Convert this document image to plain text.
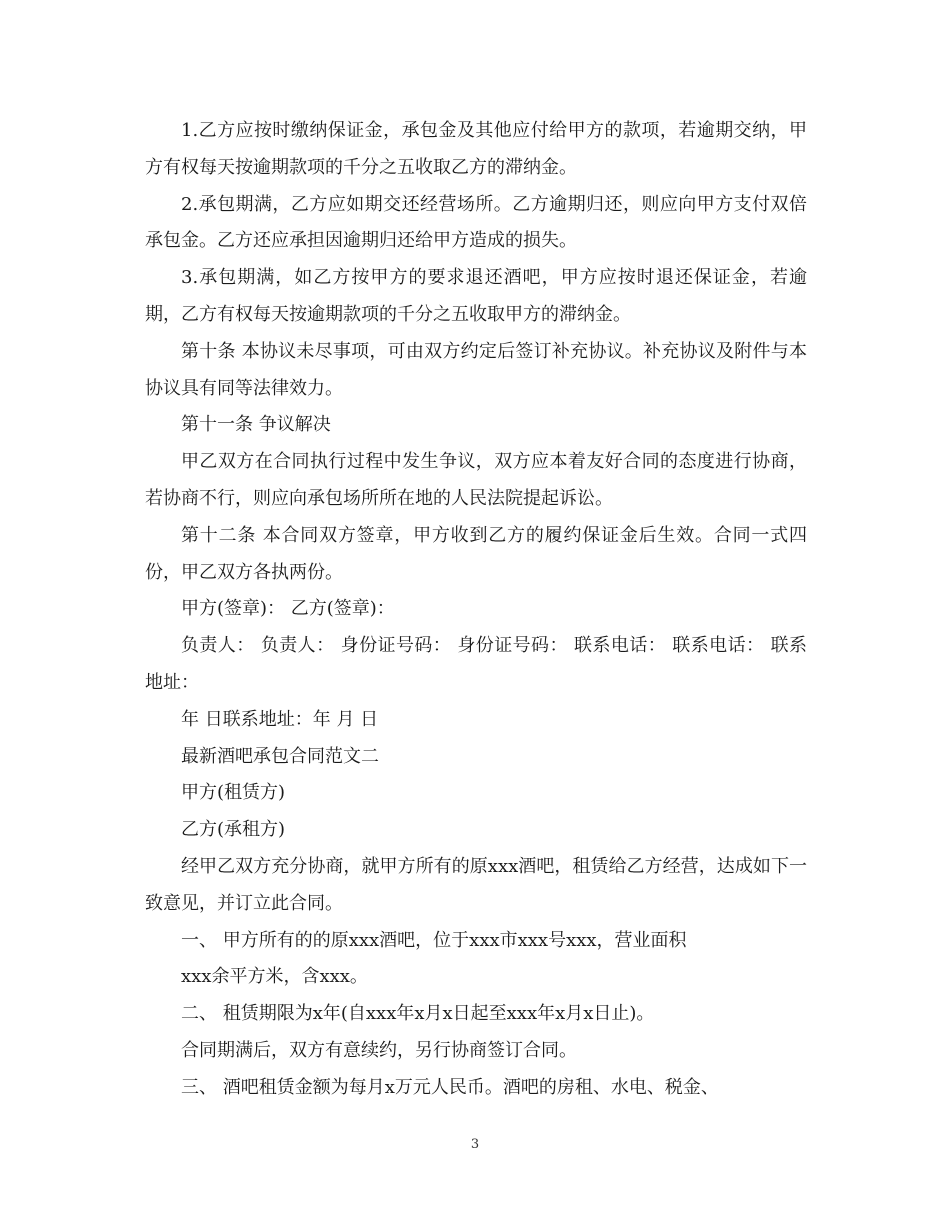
1.乙方应按时缴纳保证金，承包金及其他应付给甲方的款项，若逾期交纳，甲方有权每天按逾期款项的千分之五收取乙方的滞纳金。

2.承包期满，乙方应如期交还经营场所。乙方逾期归还，则应向甲方支付双倍承包金。乙方还应承担因逾期归还给甲方造成的损失。

3.承包期满，如乙方按甲方的要求退还酒吧，甲方应按时退还保证金，若逾期，乙方有权每天按逾期款项的千分之五收取甲方的滞纳金。

第十条 本协议未尽事项，可由双方约定后签订补充协议。补充协议及附件与本协议具有同等法律效力。

第十一条 争议解决

甲乙双方在合同执行过程中发生争议，双方应本着友好合同的态度进行协商，若协商不行，则应向承包场所所在地的人民法院提起诉讼。

第十二条 本合同双方签章，甲方收到乙方的履约保证金后生效。合同一式四份，甲乙双方各执两份。

甲方(签章)： 乙方(签章)：

负责人： 负责人： 身份证号码： 身份证号码： 联系电话： 联系电话： 联系地址：

年 日联系地址：年 月 日

最新酒吧承包合同范文二

甲方(租赁方)

乙方(承租方)

经甲乙双方充分协商，就甲方所有的原xxx酒吧，租赁给乙方经营，达成如下一致意见，并订立此合同。

一、 甲方所有的的原xxx酒吧，位于xxx市xxx号xxx，营业面积

xxx余平方米，含xxx。

二、 租赁期限为x年(自xxx年x月x日起至xxx年x月x日止)。

合同期满后，双方有意续约，另行协商签订合同。

三、 酒吧租赁金额为每月x万元人民币。酒吧的房租、水电、税金、

3
